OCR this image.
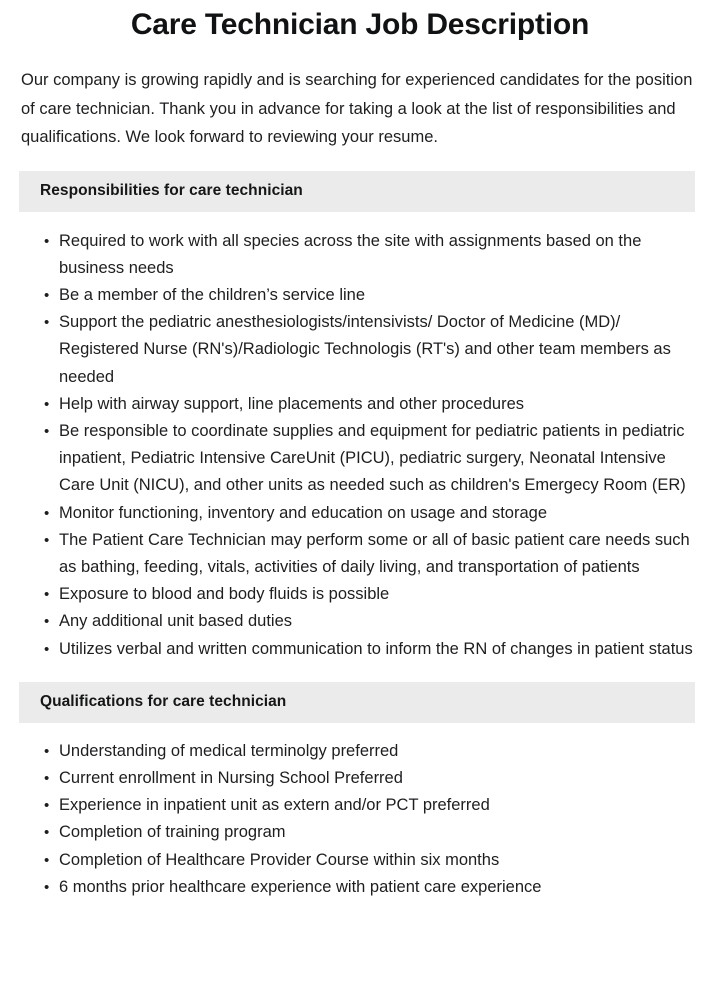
Care Technician Job Description

Our company is growing rapidly and is searching for experienced candidates for the position of care technician. Thank you in advance for taking a look at the list of responsibilities and qualifications. We look forward to reviewing your resume.

Responsibilities for care technician
• Required to work with all species across the site with assignments based on the business needs
• Be a member of the children’s service line
• Support the pediatric anesthesiologists/intensivists/ Doctor of Medicine (MD)/ Registered Nurse (RN's)/Radiologic Technologis (RT's) and other team members as needed
• Help with airway support, line placements and other procedures
• Be responsible to coordinate supplies and equipment for pediatric patients in pediatric inpatient, Pediatric Intensive CareUnit (PICU), pediatric surgery, Neonatal Intensive Care Unit (NICU), and other units as needed such as children's Emergecy Room (ER)
• Monitor functioning, inventory and education on usage and storage
• The Patient Care Technician may perform some or all of basic patient care needs such as bathing, feeding, vitals, activities of daily living, and transportation of patients
• Exposure to blood and body fluids is possible
• Any additional unit based duties
• Utilizes verbal and written communication to inform the RN of changes in patient status
Qualifications for care technician
• Understanding of medical terminolgy preferred
• Current enrollment in Nursing School Preferred
• Experience in inpatient unit as extern and/or PCT preferred
• Completion of training program
• Completion of Healthcare Provider Course within six months
• 6 months prior healthcare experience with patient care experience
